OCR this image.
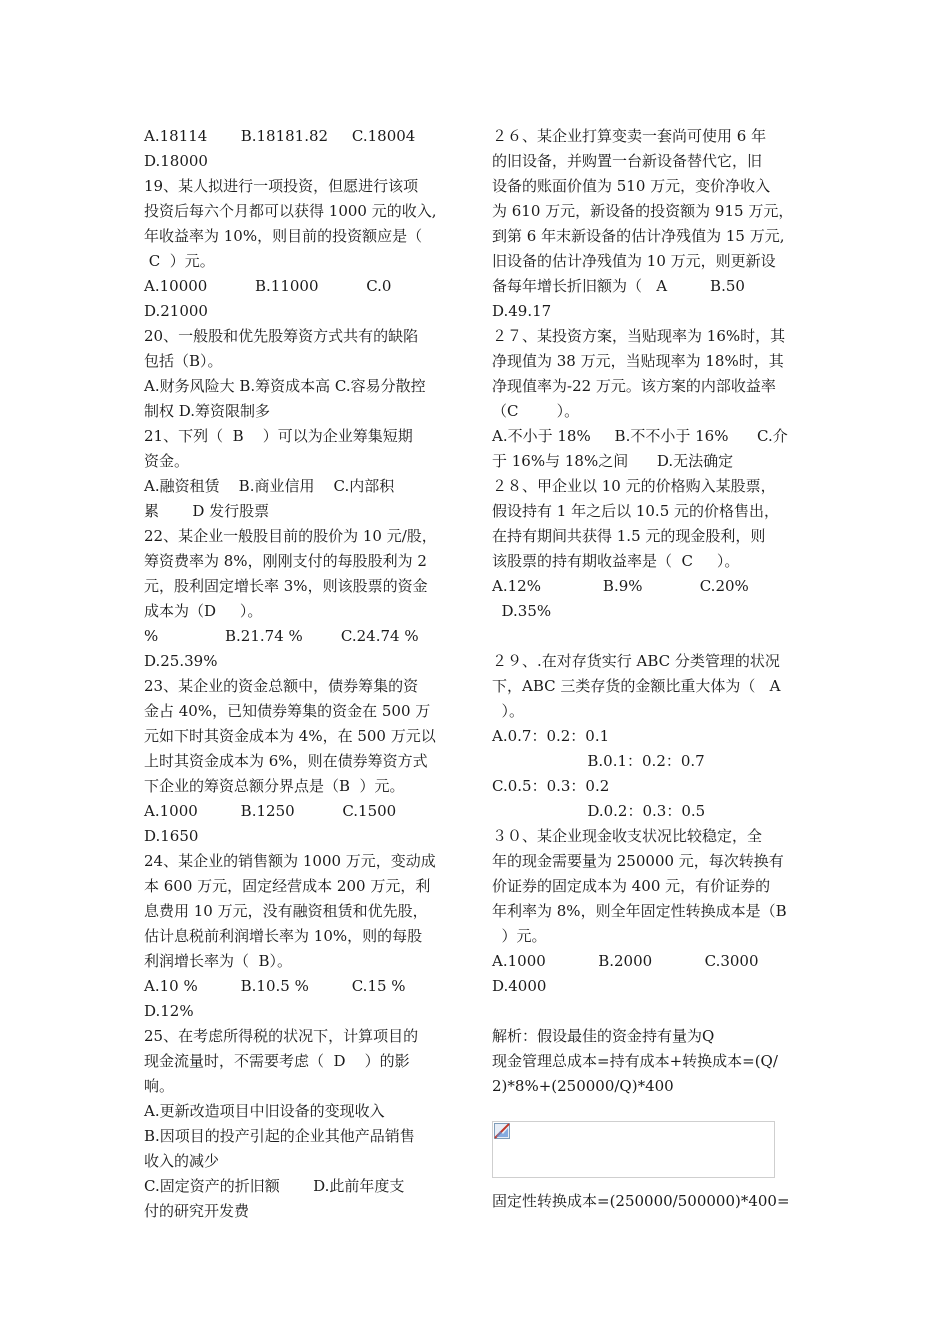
A.18114       B.18181.82     C.18004
D.18000
19、某人拟进行一项投资，但愿进行该项
投资后每六个月都可以获得 1000 元的收入,
年收益率为 10%，则目前的投资额应是（
C  ）元。
A.10000          B.11000          C.0
D.21000
20、一般股和优先股筹资方式共有的缺陷
包括（B）。
A.财务风险大 B.筹资成本高 C.容易分散控
制权 D.筹资限制多
21、下列（  B    ）可以为企业筹集短期
资金。
A.融资租赁    B.商业信用    C.内部积
累       D 发行股票
22、某企业一般股目前的股价为 10 元/股，
筹资费率为 8%，刚刚支付的每股股利为 2
元，股利固定增长率 3%，则该股票的资金
成本为（D     ）。
%              B.21.74 %        C.24.74 %
D.25.39%
23、某企业的资金总额中，债券筹集的资
金占 40%，已知债券筹集的资金在 500 万
元如下时其资金成本为 4%，在 500 万元以
上时其资金成本为 6%，则在债券筹资方式
下企业的筹资总额分界点是（B  ）元。
A.1000         B.1250          C.1500
D.1650
24、某企业的销售额为 1000 万元，变动成
本 600 万元，固定经营成本 200 万元，利
息费用 10 万元，没有融资租赁和优先股，
估计息税前利润增长率为 10%，则的每股
利润增长率为（  B）。
A.10 %         B.10.5 %         C.15 %
D.12%
25、在考虑所得税的状况下，计算项目的
现金流量时，不需要考虑（  D    ）的影
响。
A.更新改造项目中旧设备的变现收入
B.因项目的投产引起的企业其他产品销售
收入的减少
C.固定资产的折旧额       D.此前年度支
付的研究开发费
２６、某企业打算变卖一套尚可使用 6 年
的旧设备，并购置一台新设备替代它，旧
设备的账面价值为 510 万元，变价净收入
为 610 万元，新设备的投资额为 915 万元，
到第 6 年末新设备的估计净残值为 15 万元,
旧设备的估计净残值为 10 万元，则更新设
备每年增长折旧额为（   A         B.50
D.49.17
２７、某投资方案，当贴现率为 16%时，其
净现值为 38 万元，当贴现率为 18%时，其
净现值率为-22 万元。该方案的内部收益率
（C        ）。
A.不小于 18%     B.不不小于 16%      C.介
于 16%与 18%之间      D.无法确定
２８、甲企业以 10 元的价格购入某股票，
假设持有 1 年之后以 10.5 元的价格售出，
在持有期间共获得 1.5 元的现金股利，则
该股票的持有期收益率是（  C     ）。
A.12%             B.9%            C.20%
D.35%
２９、.在对存货实行 ABC 分类管理的状况
下，ABC 三类存货的金额比重大体为（   A
）。
A.0.7：0.2：0.1
B.0.1：0.2：0.7
C.0.5：0.3：0.2
D.0.2：0.3：0.5
３０、某企业现金收支状况比较稳定，全
年的现金需要量为 250000 元，每次转换有
价证券的固定成本为 400 元，有价证券的
年利率为 8%，则全年固定性转换成本是（B
）元。
A.1000           B.2000           C.3000
D.4000
解析：假设最佳的资金持有量为Q
现金管理总成本=持有成本+转换成本=(Q/
2)*8%+(250000/Q)*400
固定性转换成本=(250000/500000)*400=
